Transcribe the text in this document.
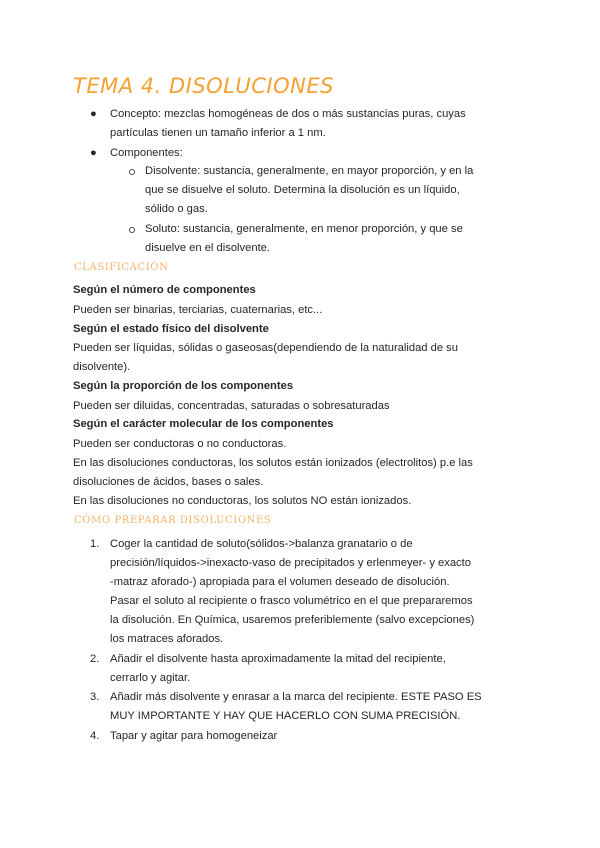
TEMA 4. DISOLUCIONES
● Concepto: mezclas homogéneas de dos o más sustancias puras, cuyas
partículas tienen un tamaño inferior a 1 nm.
● Componentes:
Disolvente: sustancia, generalmente, en mayor proporción, y en la
que se disuelve el soluto. Determina la disolución es un líquido,
sólido o gas.
Soluto: sustancia, generalmente, en menor proporción, y que se
disuelve en el disolvente.
CLASIFICACIÓN
Según el número de componentes
Pueden ser binarias, terciarias, cuaternarias, etc...
Según el estado físico del disolvente
Pueden ser líquidas, sólidas o gaseosas(dependiendo de la naturalidad de su
disolvente).
Según la proporción de los componentes
Pueden ser diluidas, concentradas, saturadas o sobresaturadas
Según el carácter molecular de los componentes
Pueden ser conductoras o no conductoras.
En las disoluciones conductoras, los solutos están ionizados (electrolitos) p.e las
disoluciones de ácidos, bases o sales.
En las disoluciones no conductoras, los solutos NO están ionizados.
CÓMO PREPARAR DISOLUCIONES
1. Coger la cantidad de soluto(sólidos->balanza granatario o de
precisión/líquidos->inexacto-vaso de precipitados y erlenmeyer- y exacto
-matraz aforado-) apropiada para el volumen deseado de disolución.
Pasar el soluto al recipiente o frasco volumétrico en el que prepararemos
la disolución. En Química, usaremos preferiblemente (salvo excepciones)
los matraces aforados.
2. Añadir el disolvente hasta aproximadamente la mitad del recipiente,
cerrarlo y agitar.
3. Añadir más disolvente y enrasar a la marca del recipiente. ESTE PASO ES
MUY IMPORTANTE Y HAY QUE HACERLO CON SUMA PRECISIÓN.
4. Tapar y agitar para homogeneizar
